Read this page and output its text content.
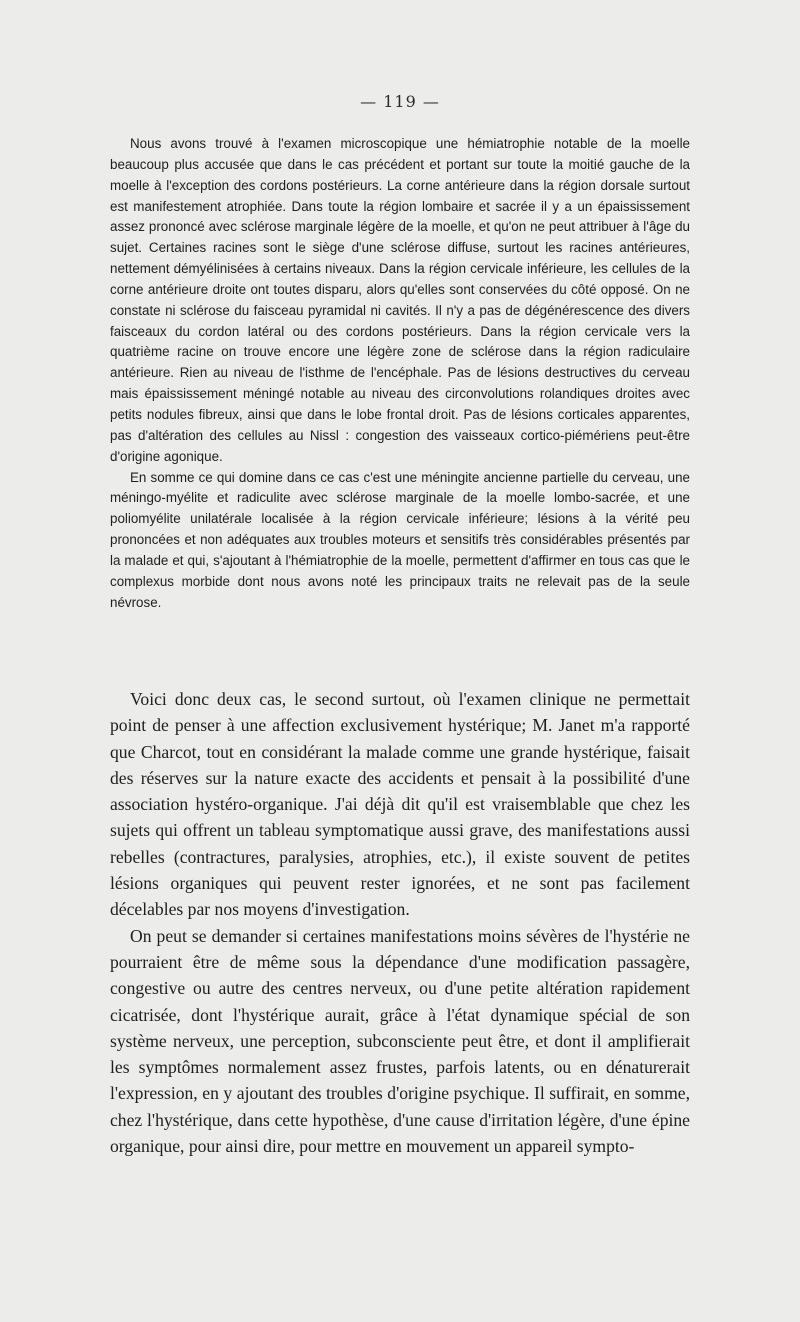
— 119 —

Nous avons trouvé à l'examen microscopique une hémiatrophie notable de la moelle beaucoup plus accusée que dans le cas précédent et portant sur toute la moitié gauche de la moelle à l'exception des cordons postérieurs. La corne antérieure dans la région dorsale surtout est manifestement atrophiée. Dans toute la région lombaire et sacrée il y a un épaississement assez prononcé avec sclérose marginale légère de la moelle, et qu'on ne peut attribuer à l'âge du sujet. Certaines racines sont le siège d'une sclérose diffuse, surtout les racines antérieures, nettement démyélinisées à certains niveaux. Dans la région cervicale inférieure, les cellules de la corne antérieure droite ont toutes disparu, alors qu'elles sont conservées du côté opposé. On ne constate ni sclérose du faisceau pyramidal ni cavités. Il n'y a pas de dégénérescence des divers faisceaux du cordon latéral ou des cordons postérieurs. Dans la région cervicale vers la quatrième racine on trouve encore une légère zone de sclérose dans la région radiculaire antérieure. Rien au niveau de l'isthme de l'encéphale. Pas de lésions destructives du cerveau mais épaississement méningé notable au niveau des circonvolutions rolandiques droites avec petits nodules fibreux, ainsi que dans le lobe frontal droit. Pas de lésions corticales apparentes, pas d'altération des cellules au Nissl : congestion des vaisseaux cortico-piémériens peut-être d'origine agonique.

En somme ce qui domine dans ce cas c'est une méningite ancienne partielle du cerveau, une méningo-myélite et radiculite avec sclérose marginale de la moelle lombo-sacrée, et une poliomyélite unilatérale localisée à la région cervicale inférieure; lésions à la vérité peu prononcées et non adéquates aux troubles moteurs et sensitifs très considérables présentés par la malade et qui, s'ajoutant à l'hémiatrophie de la moelle, permettent d'affirmer en tous cas que le complexus morbide dont nous avons noté les principaux traits ne relevait pas de la seule névrose.

Voici donc deux cas, le second surtout, où l'examen clinique ne permettait point de penser à une affection exclusivement hystérique; M. Janet m'a rapporté que Charcot, tout en considérant la malade comme une grande hystérique, faisait des réserves sur la nature exacte des accidents et pensait à la possibilité d'une association hystéro-organique. J'ai déjà dit qu'il est vraisemblable que chez les sujets qui offrent un tableau symptomatique aussi grave, des manifestations aussi rebelles (contractures, paralysies, atrophies, etc.), il existe souvent de petites lésions organiques qui peuvent rester ignorées, et ne sont pas facilement décelables par nos moyens d'investigation.

On peut se demander si certaines manifestations moins sévères de l'hystérie ne pourraient être de même sous la dépendance d'une modification passagère, congestive ou autre des centres nerveux, ou d'une petite altération rapidement cicatrisée, dont l'hystérique aurait, grâce à l'état dynamique spécial de son système nerveux, une perception, subconsciente peut être, et dont il amplifierait les symptômes normalement assez frustes, parfois latents, ou en dénaturerait l'expression, en y ajoutant des troubles d'origine psychique. Il suffirait, en somme, chez l'hystérique, dans cette hypothèse, d'une cause d'irritation légère, d'une épine organique, pour ainsi dire, pour mettre en mouvement un appareil sympto-
